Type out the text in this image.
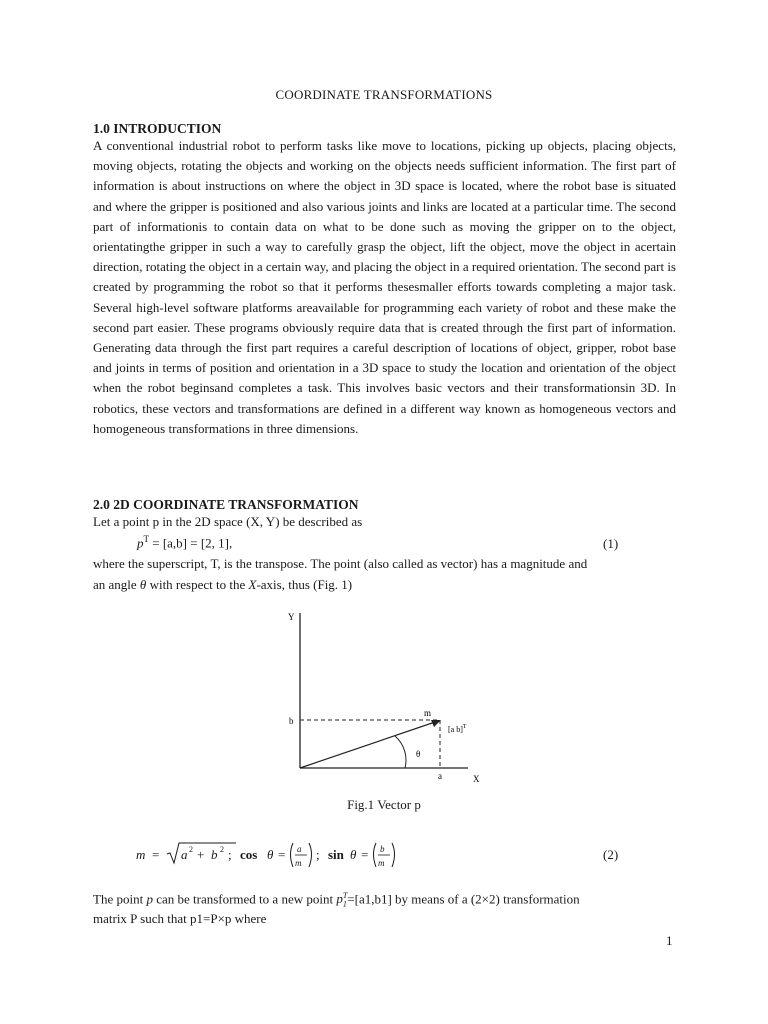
COORDINATE TRANSFORMATIONS
1.0 INTRODUCTION

A conventional industrial robot to perform tasks like move to locations, picking up objects, placing objects, moving objects, rotating the objects and working on the objects needs sufficient information. The first part of information is about instructions on where the object in 3D space is located, where the robot base is situated and where the gripper is positioned and also various joints and links are located at a particular time. The second part of informationis to contain data on what to be done such as moving the gripper on to the object, orientatingthe gripper in such a way to carefully grasp the object, lift the object, move the object in acertain direction, rotating the object in a certain way, and placing the object in a required orientation. The second part is created by programming the robot so that it performs thesesmaller efforts towards completing a major task. Several high-level software platforms areavailable for programming each variety of robot and these make the second part easier. These programs obviously require data that is created through the first part of information. Generating data through the first part requires a careful description of locations of object, gripper, robot base and joints in terms of position and orientation in a 3D space to study the location and orientation of the object when the robot beginsand completes a task. This involves basic vectors and their transformationsin 3D. In robotics, these vectors and transformations are defined in a different way known as homogeneous vectors and homogeneous transformations in three dimensions.

2.0 2D COORDINATE TRANSFORMATION
Let a point p in the 2D space (X, Y) be described as
$p^T = [a,b] = [2$, 1],	(1)
where the superscript, T, is the transpose. The point (also called as vector) has a magnitude and
an angle θ with respect to the X-axis, thus (Fig. 1)
Y
X
b
a
m
[a b]$^T$
θ
Fig.1 Vector p
m = a 2 + b 2 ; cos θ = a
m
; sin θ = b
m
(2)
The point p can be transformed to a new point $p_1^T=[a1,b1]$ by means of a (2×2) transformation
matrix P such that p1=P×p where
1
